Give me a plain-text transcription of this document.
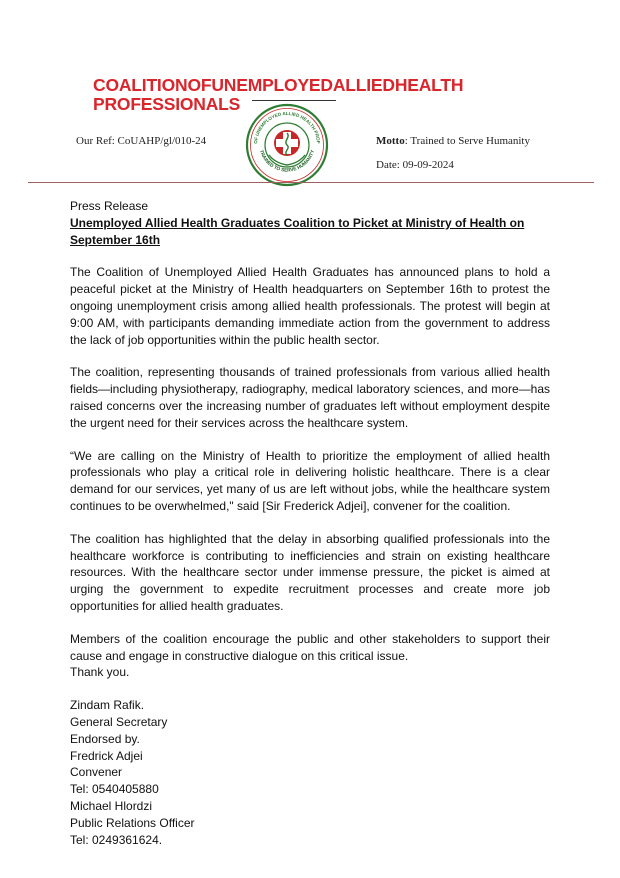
COALITIONOFUNEMPLOYEDALLIEDHEALTH PROFESSIONALS
Our Ref: CoUAHP/gl/010-24	OF UNEMPLOYED ALLIED HEALTH PROF
TRAINED TO SERVE HUMANITY
Motto: Trained to Serve Humanity
Date: 09-09-2024
Press Release
Unemployed Allied Health Graduates Coalition to Picket at Ministry of Health on September 16th

The Coalition of Unemployed Allied Health Graduates has announced plans to hold a peaceful picket at the Ministry of Health headquarters on September 16th to protest the ongoing unemployment crisis among allied health professionals. The protest will begin at 9:00 AM, with participants demanding immediate action from the government to address the lack of job opportunities within the public health sector.

The coalition, representing thousands of trained professionals from various allied health fields—including physiotherapy, radiography, medical laboratory sciences, and more—has raised concerns over the increasing number of graduates left without employment despite the urgent need for their services across the healthcare system.

“We are calling on the Ministry of Health to prioritize the employment of allied health professionals who play a critical role in delivering holistic healthcare. There is a clear demand for our services, yet many of us are left without jobs, while the healthcare system continues to be overwhelmed," said [Sir Frederick Adjei], convener for the coalition.

The coalition has highlighted that the delay in absorbing qualified professionals into the healthcare workforce is contributing to inefficiencies and strain on existing healthcare resources. With the healthcare sector under immense pressure, the picket is aimed at urging the government to expedite recruitment processes and create more job opportunities for allied health graduates.

Members of the coalition encourage the public and other stakeholders to support their cause and engage in constructive dialogue on this critical issue.

Thank you.
Zindam Rafik.
General Secretary
Endorsed by.
Fredrick Adjei
Convener
Tel: 0540405880
Michael Hlordzi
Public Relations Officer
Tel: 0249361624.
